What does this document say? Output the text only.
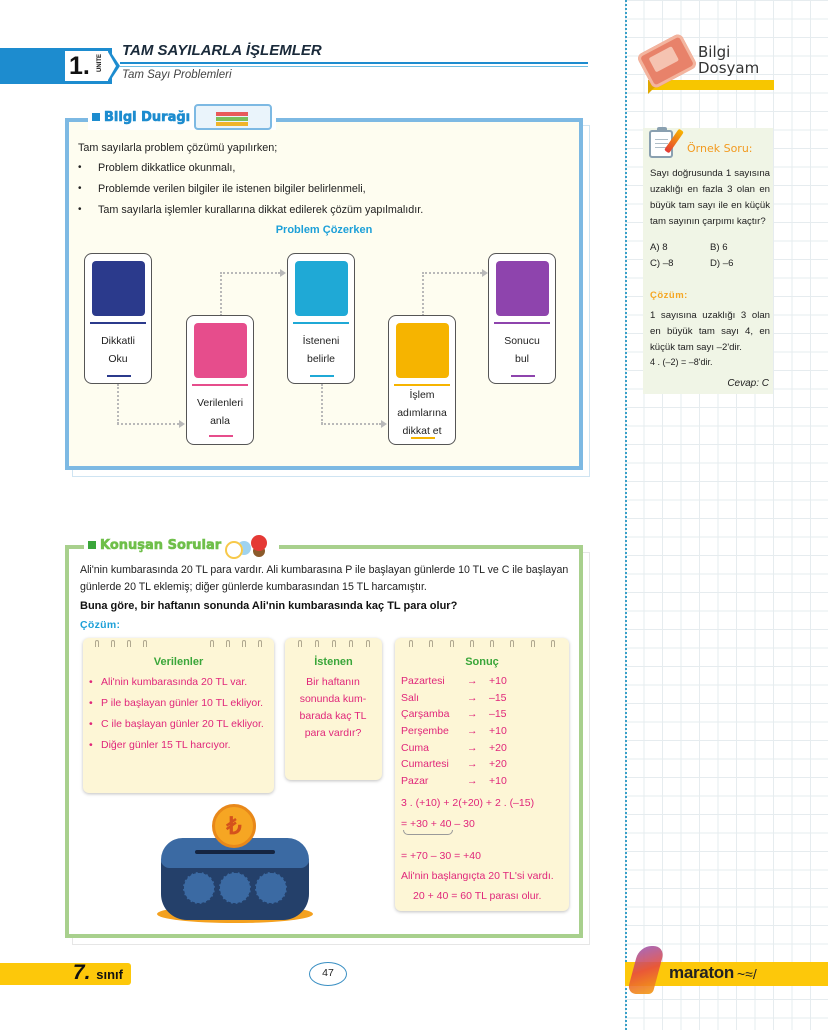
Bilgi
Dosyam
Örnek Soru:
Sayı doğrusunda 1 sayısına uzaklığı en fazla 3 olan en büyük tam sayı ile en küçük tam sayının çarpımı kaçtır?
A) 8	B) 6
C) –8	D) –6
Çözüm:
1 sayısına uzaklığı 3 olan en büyük tam sayı 4, en küçük tam sayı –2'dir.
4 . (–2) = –8'dir.
Cevap: C
1. ÜNİTE
TAM SAYILARLA İŞLEMLER
Tam Sayı Problemleri
Bilgi Durağı
Tam sayılarla problem çözümü yapılırken;
•	Problem dikkatlice okunmalı,
•	Problemde verilen bilgiler ile istenen bilgiler belirlenmeli,
•	Tam sayılarla işlemler kurallarına dikkat edilerek çözüm yapılmalıdır.
Problem Çözerken
Dikkatli
Oku
Verilenleri
anla
İsteneni
belirle
İşlem
adımlarına
dikkat et
Sonucu
bul
Konuşan Sorular
Ali'nin kumbarasında 20 TL para vardır. Ali kumbarasına P ile başlayan günlerde 10 TL ve C ile başlayan günlerde 20 TL eklemiş; diğer günlerde kumbarasından 15 TL harcamıştır.
Buna göre, bir haftanın sonunda Ali'nin kumbarasında kaç TL para olur?
Çözüm:
Verilenler
• Ali'nin kumbarasında 20 TL var.
• P ile başlayan günler 10 TL ekliyor.
• C ile başlayan günler 20 TL ekliyor.
• Diğer günler 15 TL harcıyor.
İstenen
Bir haftanın sonunda kum-barada kaç TL para vardır?
Sonuç
Pazartesi	→	+10
Salı	→	–15
Çarşamba	→	–15
Perşembe	→	+10
Cuma	→	+20
Cumartesi	→	+20
Pazar	→	+10
3 . (+10) + 2(+20) + 2 . (–15)
= +30 + 40 – 30
= +70 – 30 = +40
Ali'nin başlangıçta 20 TL'si vardı.
20 + 40 = 60 TL parası olur.
₺
7. sınıf	47	maraton ~≈/
